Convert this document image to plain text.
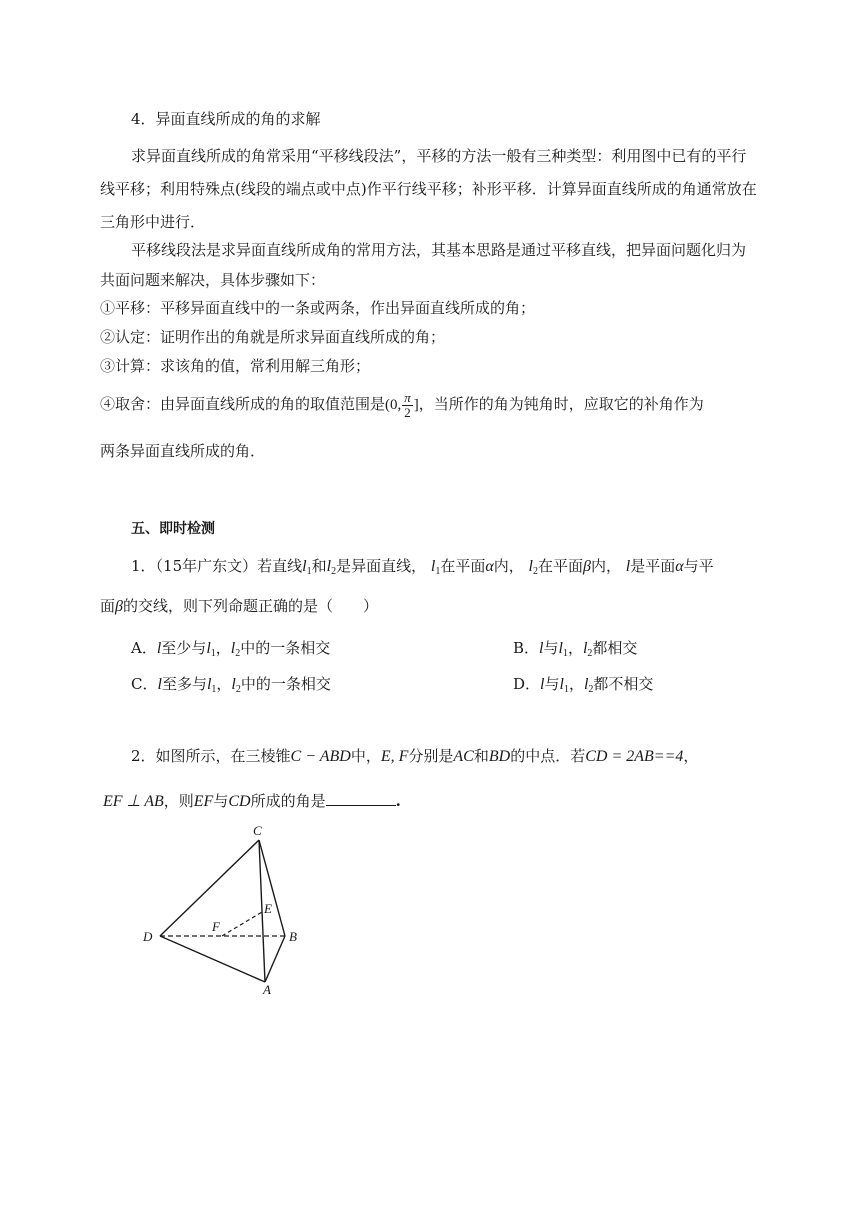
4．异面直线所成的角的求解
求异面直线所成的角常采用“平移线段法”，平移的方法一般有三种类型：利用图中已有的平行
线平移；利用特殊点(线段的端点或中点)作平行线平移；补形平移．计算异面直线所成的角通常放在
三角形中进行．
平移线段法是求异面直线所成角的常用方法，其基本思路是通过平移直线，把异面问题化归为
共面问题来解决，具体步骤如下：
①平移：平移异面直线中的一条或两条，作出异面直线所成的角；
②认定：证明作出的角就是所求异面直线所成的角；
③计算：求该角的值，常利用解三角形；
④取舍：由异面直线所成的角的取值范围是(0, $\frac{\pi}{2}$ ]，当所作的角为钝角时，应取它的补角作为
两条异面直线所成的角．
五、即时检测
1．（15年广东文）若直线$l_1$和$l_2$是异面直线， $l_1$在平面α内， $l_2$在平面β内， l是平面α与平
面β的交线，则下列命题正确的是（　　）
A．l至少与$l_1$，$l_2$中的一条相交	B．l与$l_1$，$l_2$都相交
C．l至多与$l_1$，$l_2$中的一条相交	D．l与$l_1$，$l_2$都不相交
2．如图所示，在三棱锥C − ABD中，E, F分别是AC和BD的中点．若CD = 2AB==4，
EF ⊥ AB，则EF与CD所成的角是	.
C
D	B
A
E
F
